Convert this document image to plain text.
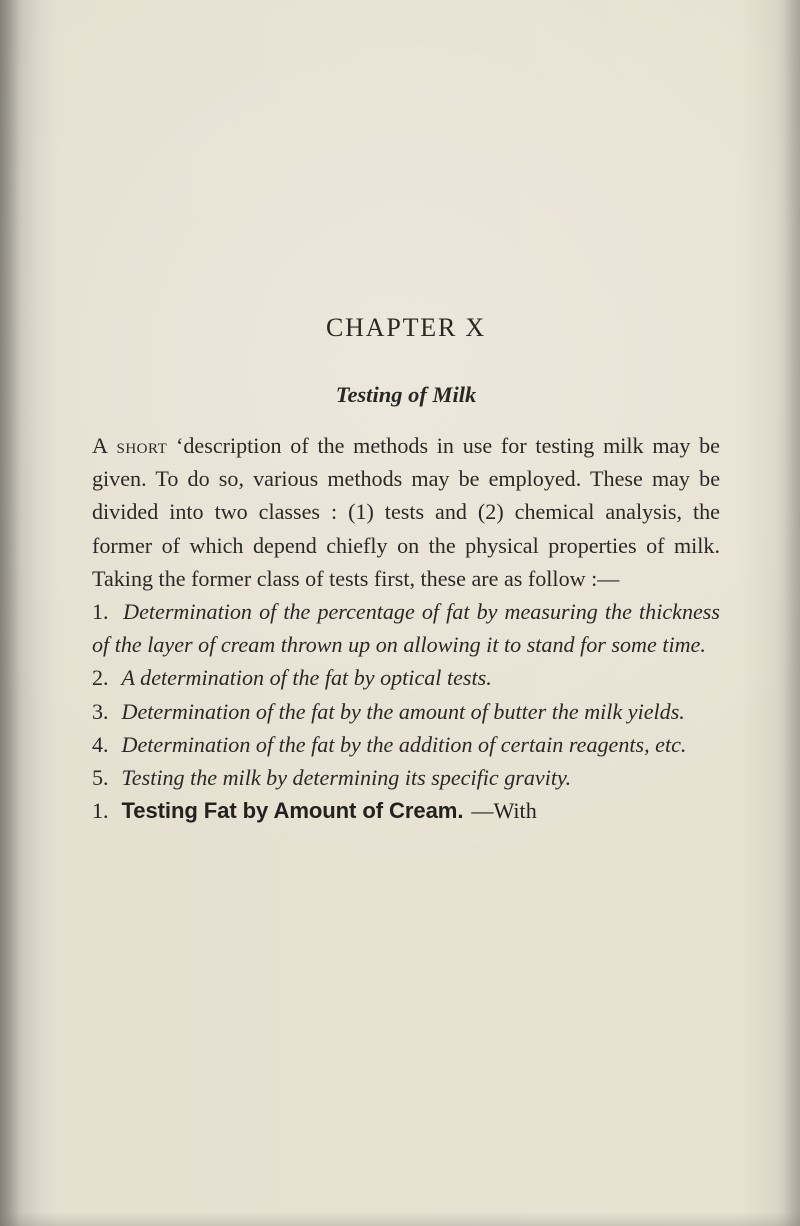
CHAPTER X
Testing of Milk

A short ‘description of the methods in use for testing milk may be given. To do so, various methods may be employed. These may be divided into two classes : (1) tests and (2) chemical analysis, the former of which depend chiefly on the physical properties of milk. Taking the former class of tests first, these are as follow :—

1. Determination of the percentage of fat by measuring the thickness of the layer of cream thrown up on allowing it to stand for some time.

2. A determination of the fat by optical tests.

3. Determination of the fat by the amount of butter the milk yields.

4. Determination of the fat by the addition of certain reagents, etc.

5. Testing the milk by determining its specific gravity.

1. Testing Fat by Amount of Cream. —With
